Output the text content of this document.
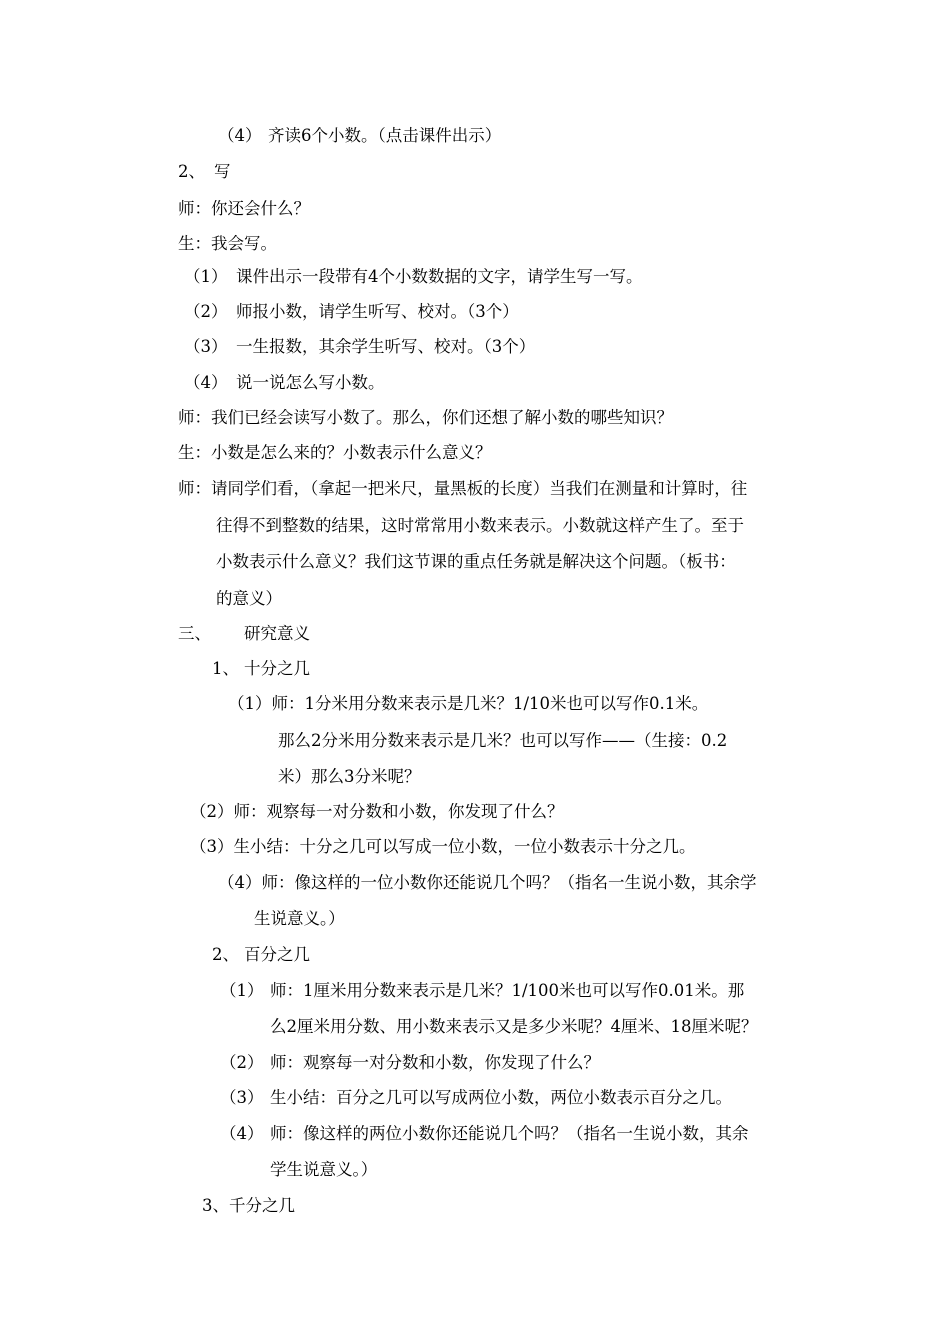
（4） 齐读6个小数。（点击课件出示）
2、 写
师：你还会什么？
生：我会写。
（1） 课件出示一段带有4个小数数据的文字，请学生写一写。
（2） 师报小数，请学生听写、校对。（3个）
（3） 一生报数，其余学生听写、校对。（3个）
（4） 说一说怎么写小数。
师：我们已经会读写小数了。那么，你们还想了解小数的哪些知识？
生：小数是怎么来的？小数表示什么意义？
师：请同学们看，（拿起一把米尺，量黑板的长度）当我们在测量和计算时，往
往得不到整数的结果，这时常常用小数来表示。小数就这样产生了。至于
小数表示什么意义？我们这节课的重点任务就是解决这个问题。（板书：
的意义）
三、 研究意义
1、 十分之几
（1）师：1分米用分数来表示是几米？1/10米也可以写作0.1米。
那么2分米用分数来表示是几米？也可以写作——（生接：0.2
米）那么3分米呢？
（2）师：观察每一对分数和小数，你发现了什么？
（3）生小结：十分之几可以写成一位小数，一位小数表示十分之几。
（4）师：像这样的一位小数你还能说几个吗？（指名一生说小数，其余学
生说意义。）
2、 百分之几
（1） 师：1厘米用分数来表示是几米？1/100米也可以写作0.01米。那
么2厘米用分数、用小数来表示又是多少米呢？4厘米、18厘米呢？
（2） 师：观察每一对分数和小数，你发现了什么？
（3） 生小结：百分之几可以写成两位小数，两位小数表示百分之几。
（4） 师：像这样的两位小数你还能说几个吗？（指名一生说小数，其余
学生说意义。）
3、千分之几
